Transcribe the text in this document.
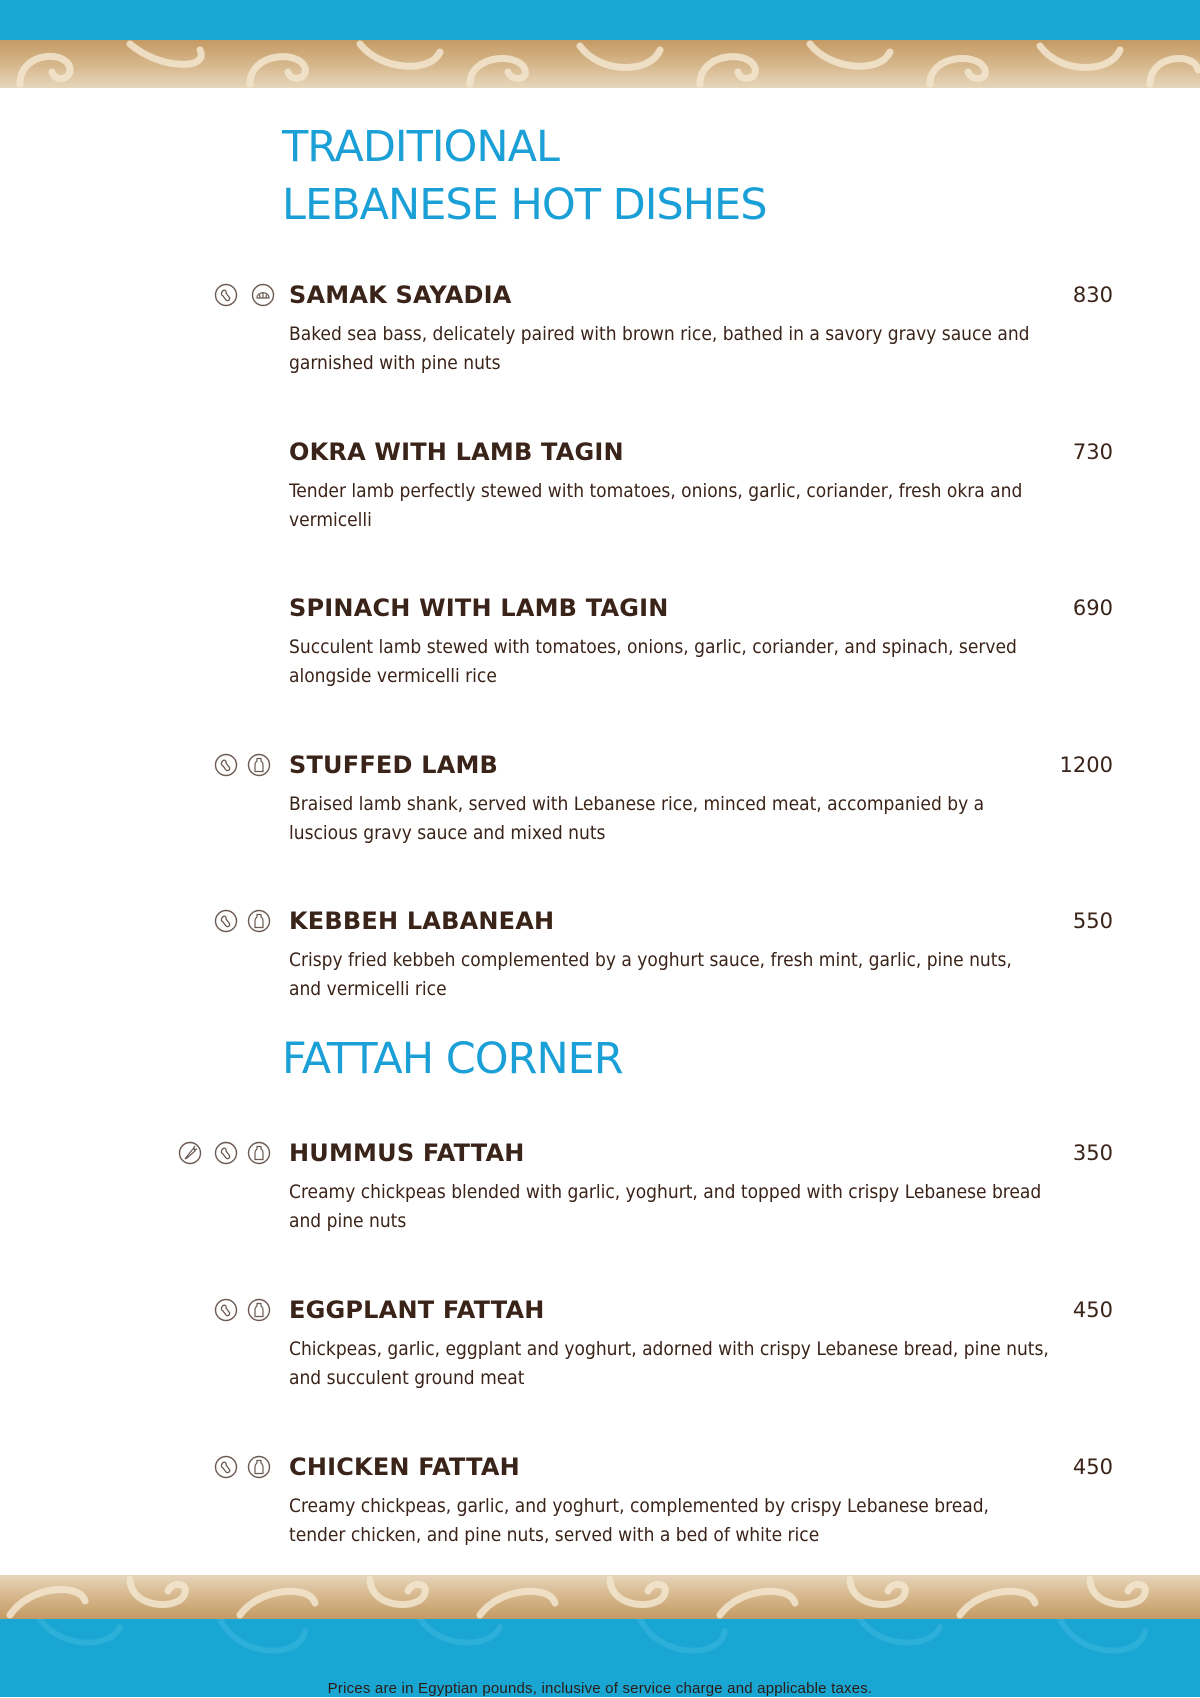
TRADITIONAL
LEBANESE HOT DISHES
SAMAK SAYADIA	830
Baked sea bass, delicately paired with brown rice, bathed in a savory gravy sauce and garnished with pine nuts
OKRA WITH LAMB TAGIN	730
Tender lamb perfectly stewed with tomatoes, onions, garlic, coriander, fresh okra and vermicelli
SPINACH WITH LAMB TAGIN	690
Succulent lamb stewed with tomatoes, onions, garlic, coriander, and spinach, served alongside vermicelli rice
STUFFED LAMB	1200
Braised lamb shank, served with Lebanese rice, minced meat, accompanied by a luscious gravy sauce and mixed nuts
KEBBEH LABANEAH	550
Crispy fried kebbeh complemented by a yoghurt sauce, fresh mint, garlic, pine nuts, and vermicelli rice
FATTAH CORNER
HUMMUS FATTAH	350
Creamy chickpeas blended with garlic, yoghurt, and topped with crispy Lebanese bread and pine nuts
EGGPLANT FATTAH	450
Chickpeas, garlic, eggplant and yoghurt, adorned with crispy Lebanese bread, pine nuts, and succulent ground meat
CHICKEN FATTAH	450
Creamy chickpeas, garlic, and yoghurt, complemented by crispy Lebanese bread, tender chicken, and pine nuts, served with a bed of white rice
Prices are in Egyptian pounds, inclusive of service charge and applicable taxes.
